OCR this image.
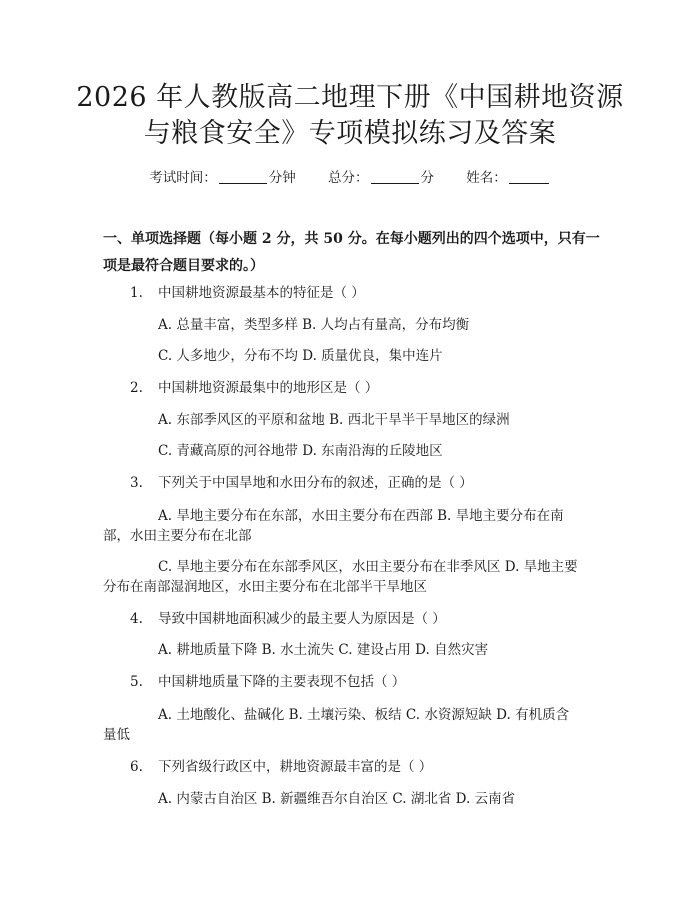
2026 年人教版高二地理下册《中国耕地资源
与粮食安全》专项模拟练习及答案
考试时间：	分钟 总分：	分 姓名：
一、单项选择题（每小题 2 分，共 50 分。在每小题列出的四个选项中，只有一项是最符合题目要求的。）
1. 中国耕地资源最基本的特征是（ ）
A. 总量丰富，类型多样 B. 人均占有量高，分布均衡
C. 人多地少，分布不均 D. 质量优良，集中连片
2. 中国耕地资源最集中的地形区是（ ）
A. 东部季风区的平原和盆地 B. 西北干旱半干旱地区的绿洲
C. 青藏高原的河谷地带 D. 东南沿海的丘陵地区
3. 下列关于中国旱地和水田分布的叙述，正确的是（ ）
A. 旱地主要分布在东部，水田主要分布在西部 B. 旱地主要分布在南
部，水田主要分布在北部
C. 旱地主要分布在东部季风区，水田主要分布在非季风区 D. 旱地主要
分布在南部湿润地区，水田主要分布在北部半干旱地区
4. 导致中国耕地面积减少的最主要人为原因是（ ）
A. 耕地质量下降 B. 水土流失 C. 建设占用 D. 自然灾害
5. 中国耕地质量下降的主要表现不包括（ ）
A. 土地酸化、盐碱化 B. 土壤污染、板结 C. 水资源短缺 D. 有机质含
量低
6. 下列省级行政区中，耕地资源最丰富的是（ ）
A. 内蒙古自治区 B. 新疆维吾尔自治区 C. 湖北省 D. 云南省
